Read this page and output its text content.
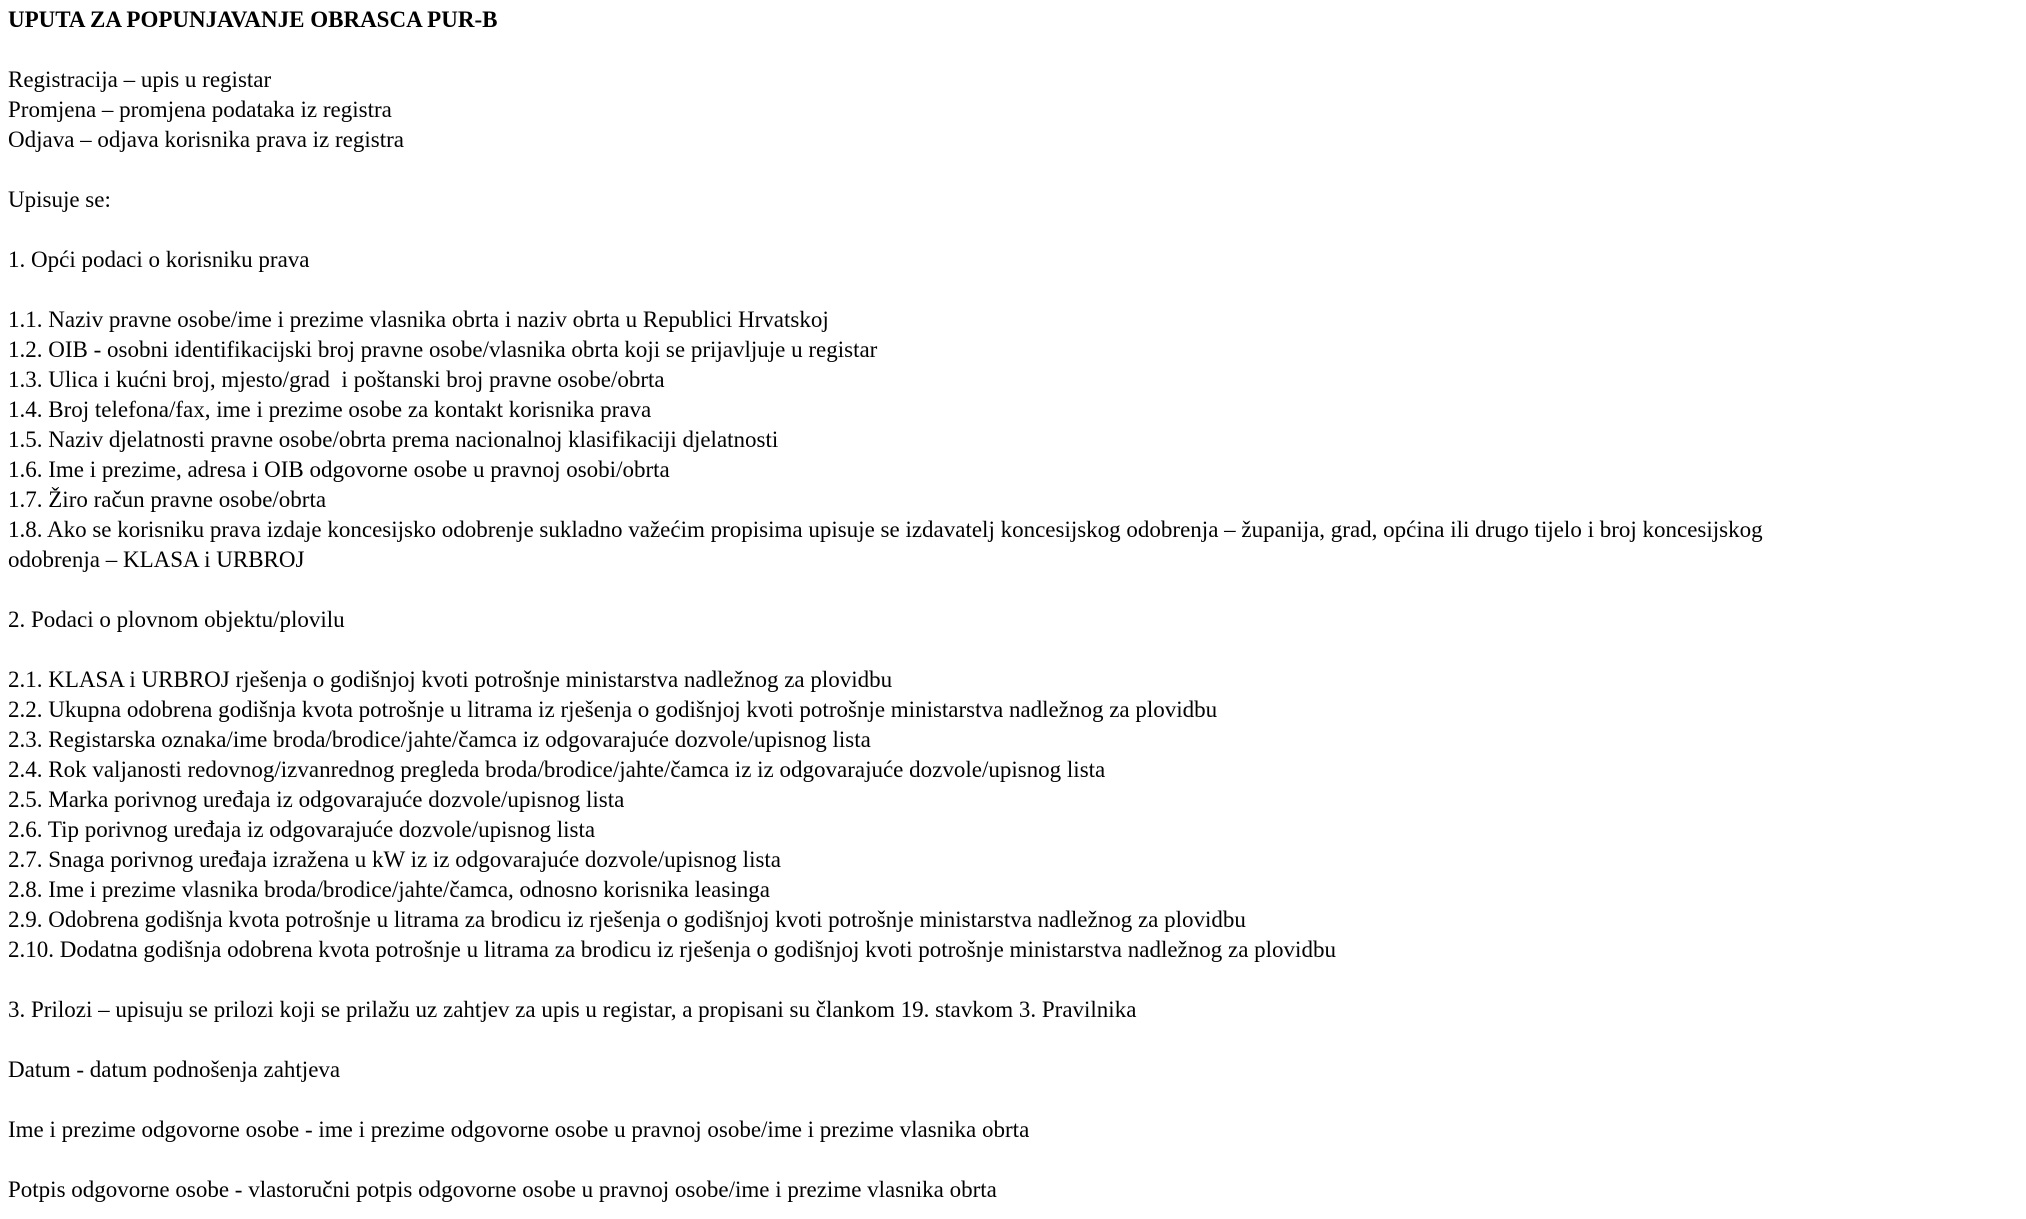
UPUTA ZA POPUNJAVANJE OBRASCA PUR-B

Registracija – upis u registar
Promjena – promjena podataka iz registra
Odjava – odjava korisnika prava iz registra

Upisuje se:

1. Opći podaci o korisniku prava

1.1. Naziv pravne osobe/ime i prezime vlasnika obrta i naziv obrta u Republici Hrvatskoj
1.2. OIB - osobni identifikacijski broj pravne osobe/vlasnika obrta koji se prijavljuje u registar
1.3. Ulica i kućni broj, mjesto/grad  i poštanski broj pravne osobe/obrta
1.4. Broj telefona/fax, ime i prezime osobe za kontakt korisnika prava
1.5. Naziv djelatnosti pravne osobe/obrta prema nacionalnoj klasifikaciji djelatnosti
1.6. Ime i prezime, adresa i OIB odgovorne osobe u pravnoj osobi/obrta
1.7. Žiro račun pravne osobe/obrta
1.8. Ako se korisniku prava izdaje koncesijsko odobrenje sukladno važećim propisima upisuje se izdavatelj koncesijskog odobrenja – županija, grad, općina ili drugo tijelo i broj koncesijskog
odobrenja – KLASA i URBROJ

2. Podaci o plovnom objektu/plovilu

2.1. KLASA i URBROJ rješenja o godišnjoj kvoti potrošnje ministarstva nadležnog za plovidbu
2.2. Ukupna odobrena godišnja kvota potrošnje u litrama iz rješenja o godišnjoj kvoti potrošnje ministarstva nadležnog za plovidbu
2.3. Registarska oznaka/ime broda/brodice/jahte/čamca iz odgovarajuće dozvole/upisnog lista
2.4. Rok valjanosti redovnog/izvanrednog pregleda broda/brodice/jahte/čamca iz iz odgovarajuće dozvole/upisnog lista
2.5. Marka porivnog uređaja iz odgovarajuće dozvole/upisnog lista
2.6. Tip porivnog uređaja iz odgovarajuće dozvole/upisnog lista
2.7. Snaga porivnog uređaja izražena u kW iz iz odgovarajuće dozvole/upisnog lista
2.8. Ime i prezime vlasnika broda/brodice/jahte/čamca, odnosno korisnika leasinga
2.9. Odobrena godišnja kvota potrošnje u litrama za brodicu iz rješenja o godišnjoj kvoti potrošnje ministarstva nadležnog za plovidbu
2.10. Dodatna godišnja odobrena kvota potrošnje u litrama za brodicu iz rješenja o godišnjoj kvoti potrošnje ministarstva nadležnog za plovidbu

3. Prilozi – upisuju se prilozi koji se prilažu uz zahtjev za upis u registar, a propisani su člankom 19. stavkom 3. Pravilnika

Datum - datum podnošenja zahtjeva

Ime i prezime odgovorne osobe - ime i prezime odgovorne osobe u pravnoj osobe/ime i prezime vlasnika obrta

Potpis odgovorne osobe - vlastoručni potpis odgovorne osobe u pravnoj osobe/ime i prezime vlasnika obrta
